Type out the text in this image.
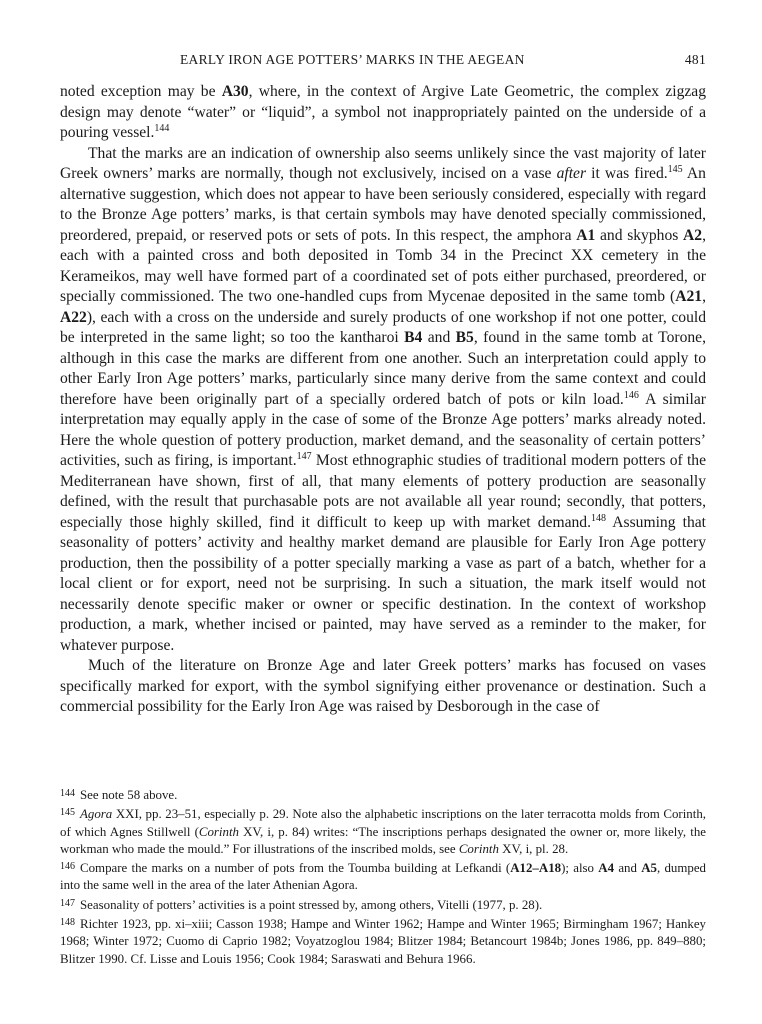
EARLY IRON AGE POTTERS’ MARKS IN THE AEGEAN	481

noted exception may be A30, where, in the context of Argive Late Geometric, the complex zigzag design may denote “water” or “liquid”, a symbol not inappropriately painted on the underside of a pouring vessel.$^{144}$

That the marks are an indication of ownership also seems unlikely since the vast majority of later Greek owners’ marks are normally, though not exclusively, incised on a vase after it was fired.$^{145}$ An alternative suggestion, which does not appear to have been seriously considered, especially with regard to the Bronze Age potters’ marks, is that certain symbols may have denoted specially commissioned, preordered, prepaid, or reserved pots or sets of pots. In this respect, the amphora A1 and skyphos A2, each with a painted cross and both deposited in Tomb 34 in the Precinct XX cemetery in the Kerameikos, may well have formed part of a coordinated set of pots either purchased, preordered, or specially commissioned. The two one-handled cups from Mycenae deposited in the same tomb (A21, A22), each with a cross on the underside and surely products of one workshop if not one potter, could be interpreted in the same light; so too the kantharoi B4 and B5, found in the same tomb at Torone, although in this case the marks are different from one another. Such an interpretation could apply to other Early Iron Age potters’ marks, particularly since many derive from the same context and could therefore have been originally part of a specially ordered batch of pots or kiln load.$^{146}$ A similar interpretation may equally apply in the case of some of the Bronze Age potters’ marks already noted. Here the whole question of pottery production, market demand, and the seasonality of certain potters’ activities, such as firing, is important.$^{147}$ Most ethnographic studies of traditional modern potters of the Mediterranean have shown, first of all, that many elements of pottery production are seasonally defined, with the result that purchasable pots are not available all year round; secondly, that potters, especially those highly skilled, find it difficult to keep up with market demand.$^{148}$ Assuming that seasonality of potters’ activity and healthy market demand are plausible for Early Iron Age pottery production, then the possibility of a potter specially marking a vase as part of a batch, whether for a local client or for export, need not be surprising. In such a situation, the mark itself would not necessarily denote specific maker or owner or specific destination. In the context of workshop production, a mark, whether incised or painted, may have served as a reminder to the maker, for whatever purpose.

Much of the literature on Bronze Age and later Greek potters’ marks has focused on vases specifically marked for export, with the symbol signifying either provenance or destination. Such a commercial possibility for the Early Iron Age was raised by Desborough in the case of

$^{144}$ See note 58 above.

$^{145}$ Agora XXI, pp. 23–51, especially p. 29. Note also the alphabetic inscriptions on the later terracotta molds from Corinth, of which Agnes Stillwell (Corinth XV, i, p. 84) writes: “The inscriptions perhaps designated the owner or, more likely, the workman who made the mould.” For illustrations of the inscribed molds, see Corinth XV, i, pl. 28.

$^{146}$ Compare the marks on a number of pots from the Toumba building at Lefkandi (A12–A18); also A4 and A5, dumped into the same well in the area of the later Athenian Agora.

$^{147}$ Seasonality of potters’ activities is a point stressed by, among others, Vitelli (1977, p. 28).

$^{148}$ Richter 1923, pp. xi–xiii; Casson 1938; Hampe and Winter 1962; Hampe and Winter 1965; Birmingham 1967; Hankey 1968; Winter 1972; Cuomo di Caprio 1982; Voyatzoglou 1984; Blitzer 1984; Betancourt 1984b; Jones 1986, pp. 849–880; Blitzer 1990. Cf. Lisse and Louis 1956; Cook 1984; Saraswati and Behura 1966.
